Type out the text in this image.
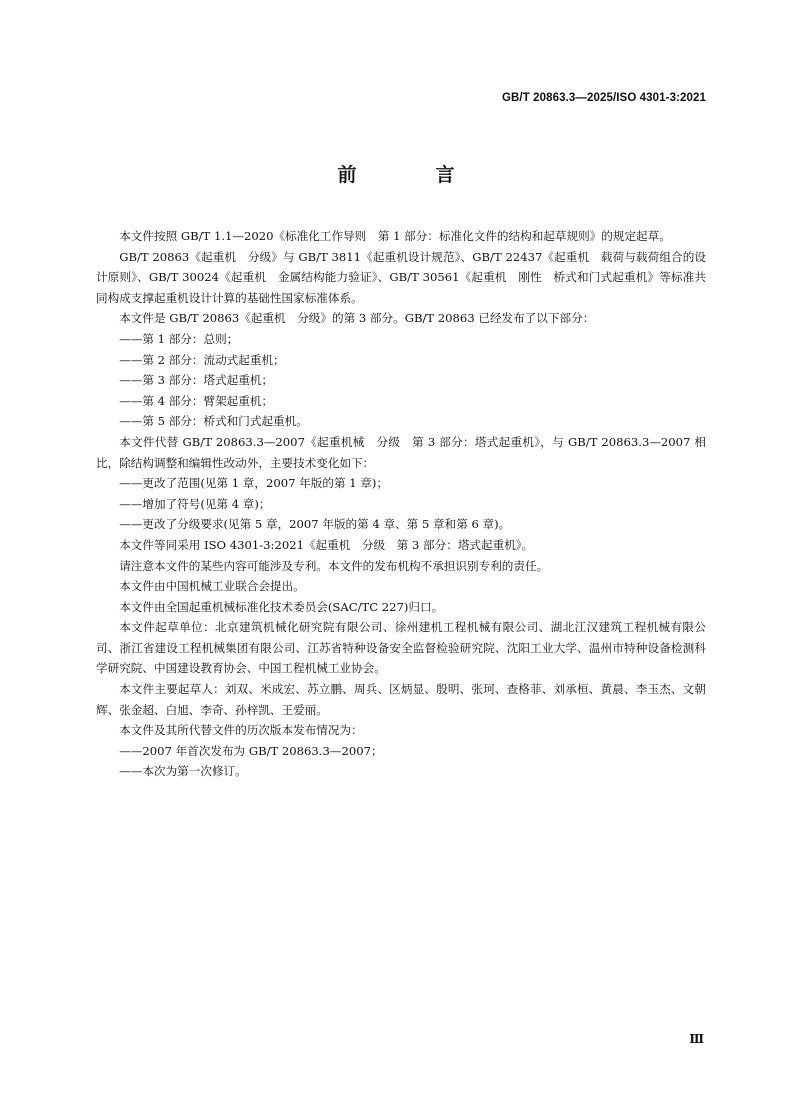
GB/T 20863.3—2025/ISO 4301-3:2021
前　言

本文件按照 GB/T 1.1—2020《标准化工作导则　第 1 部分：标准化文件的结构和起草规则》的规定起草。

GB/T 20863《起重机　分级》与 GB/T 3811《起重机设计规范》、GB/T 22437《起重机　载荷与载荷组合的设计原则》、GB/T 30024《起重机　金属结构能力验证》、GB/T 30561《起重机　刚性　桥式和门式起重机》等标准共同构成支撑起重机设计计算的基础性国家标准体系。

本文件是 GB/T 20863《起重机　分级》的第 3 部分。GB/T 20863 已经发布了以下部分：

——第 1 部分：总则；

——第 2 部分：流动式起重机；

——第 3 部分：塔式起重机；

——第 4 部分：臂架起重机；

——第 5 部分：桥式和门式起重机。

本文件代替 GB/T 20863.3—2007《起重机械　分级　第 3 部分：塔式起重机》，与 GB/T 20863.3—2007 相比，除结构调整和编辑性改动外，主要技术变化如下：

——更改了范围(见第 1 章，2007 年版的第 1 章)；

——增加了符号(见第 4 章)；

——更改了分级要求(见第 5 章，2007 年版的第 4 章、第 5 章和第 6 章)。

本文件等同采用 ISO 4301-3:2021《起重机　分级　第 3 部分：塔式起重机》。

请注意本文件的某些内容可能涉及专利。本文件的发布机构不承担识别专利的责任。

本文件由中国机械工业联合会提出。

本文件由全国起重机械标准化技术委员会(SAC/TC 227)归口。

本文件起草单位：北京建筑机械化研究院有限公司、徐州建机工程机械有限公司、湖北江汉建筑工程机械有限公司、浙江省建设工程机械集团有限公司、江苏省特种设备安全监督检验研究院、沈阳工业大学、温州市特种设备检测科学研究院、中国建设教育协会、中国工程机械工业协会。

本文件主要起草人：刘双、米成宏、苏立鹏、周兵、区炳显、殷明、张珂、查格菲、刘承桓、黄晨、李玉杰、文朝辉、张金超、白旭、李奇、孙梓凯、王爱丽。

本文件及其所代替文件的历次版本发布情况为：

——2007 年首次发布为 GB/T 20863.3—2007；

——本次为第一次修订。

Ⅲ
